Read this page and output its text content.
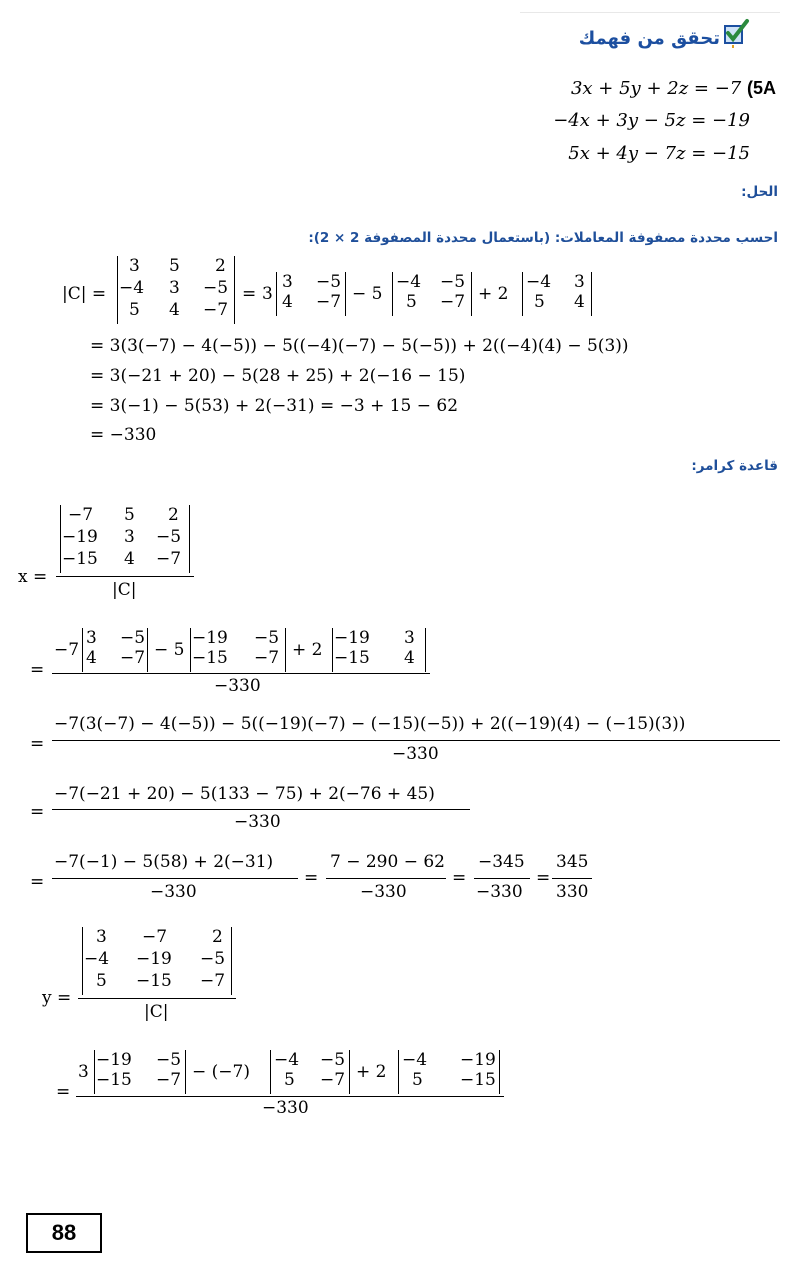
تحقق من فهمك
3x + 5y + 2z = −7 (5A
−4x + 3y − 5z = −19
5x + 4y − 7z = −15
الحل:
احسب محددة مصفوفة المعاملات: (باستعمال محددة المصفوفة 2 × 2):
|C| =
3 5 2
−4 3 −5
5 4 −7
= 3
3 −5
4 −7 − 5
−4 −5
5 −7 + 2
−4 3
5 4
= 3(3(−7) − 4(−5)) − 5((−4)(−7) − 5(−5)) + 2((−4)(4) − 5(3))
= 3(−21 + 20) − 5(28 + 25) + 2(−16 − 15)
= 3(−1) − 5(53) + 2(−31) = −3 + 15 − 62
= −330
قاعدة كرامر:
x =
−7 5 2
−19 3 −5
−15 4 −7
|C|
=
−7
3 −5
4 −7 − 5
−19 −5
−15 −7 + 2
−19 3
−15 4
−330
=
−7(3(−7) − 4(−5)) − 5((−19)(−7) − (−15)(−5)) + 2((−19)(4) − (−15)(3))
−330
=
−7(−21 + 20) − 5(133 − 75) + 2(−76 + 45)
−330
=
−7(−1) − 5(58) + 2(−31)
−330
=
7 − 290 − 62
−330
=
−345
−330
=
345
330
y =
3 −7	2
−4 −19 −5
5 −15 −7
|C|
=
3
−19 −5
−15 −7 − (−7)
−4 −5
5 −7 + 2
−4 −19
5 −15
−330
88
